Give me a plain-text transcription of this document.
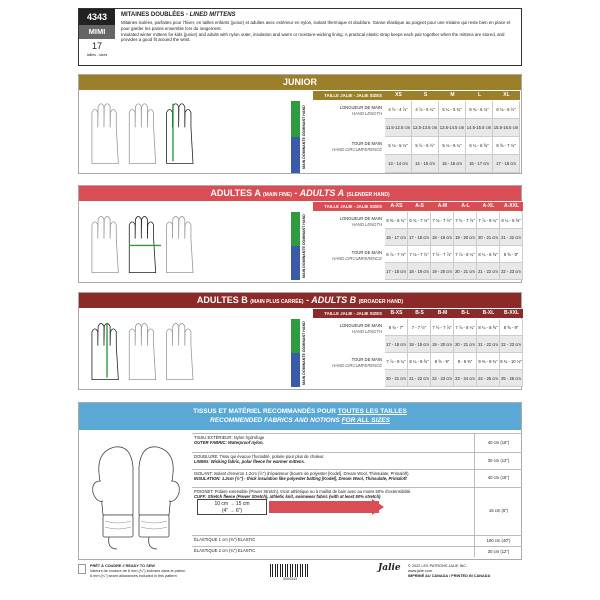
4343
MIMI
17
tailles - sizes
MITAINES DOUBLÉES - LINED MITTENS
Mitaines isolées, parfaites pour l’hiver, en tailles enfants (junior) et adultes avec extérieur en nylon, isolant thermique et doublure. Ganse élastique au poignet pour une mitaine qui reste bien en place et pour garder les paires ensemble lors du rangement.
Insulated winter mittens for kids (junior) and adults with nylon outer, insulation and warm or moisture-wicking lining. A practical elastic strap keeps each pair together when the mittens are stored, and provides a good fit around the wrist.
JUNIOR
TAILLE JALIE - JALIE SIZES	XS	S	M	L	XL
MAIN DOMINANTE DOMINANT HAND	LONGUEUR DE MAIN
HAND LENGTH
TOUR DE MAIN
HAND CIRCUMFERENCE
4 ½ - 4 ⅞"	4 ⅞ - 5 ¼"	5 ¼ - 5 ¾"	5 ¾ - 6 ⅛"	6 ⅛ - 6 ½"
11.5-12.5 cm 12.5-13.5 cm 13.5-14.5 cm 14.5-15.5 cm 15.5-16.5 cm
5 ⅛ - 5 ⅛"	5 ½ - 5 ½"	5 ⅛ - 6 ¼"	6 ¼ - 6 ⅝"	6 ⅝ - 7 ⅛"
13 - 14 cm	14 - 15 cm	15 - 16 cm	16 - 17 cm	17 - 18 cm
ADULTES A (MAIN FINE) - ADULTS A (SLENDER HAND)
TAILLE JALIE - JALIE SIZES	A-XS	A-S	A-M	A-L	A-XL	A-XXL
MAIN DOMINANTE DOMINANT HAND	LONGUEUR DE MAIN
HAND LENGTH
TOUR DE MAIN
HAND CIRCUMFERENCE
6 ⅜ - 6 ¾" 6 ¾ - 7 ⅛" 7 ⅛ - 7 ½" 7 ½ - 7 ⅞" 7 ⅞ - 8 ¼" 8 ¼ - 8 ⅝"
16 - 17 cm 17 - 18 cm 18 - 19 cm 19 - 20 cm 20 - 21 cm 21 - 22 cm
6 ⅞ - 7 ⅛" 7 ⅛ - 7 ½" 7 ½ - 7 ⅞" 7 ⅞ - 8 ¼" 8 ¼ - 8 ⅝"	8 ⅝ - 9"
17 - 18 cm 18 - 19 cm 19 - 20 cm 20 - 21 cm 21 - 22 cm 22 - 23 cm
ADULTES B (MAIN PLUS CARRÉE) - ADULTS B (BROADER HAND)
TAILLE JALIE - JALIE SIZES	B-XS	B-S	B-M	B-L	B-XL	B-XXL
MAIN DOMINANTE DOMINANT HAND	LONGUEUR DE MAIN
HAND LENGTH
TOUR DE MAIN
HAND CIRCUMFERENCE
6 ¾ - 7"	7 - 7 ½"	7 ½ - 7 ⅞" 7 ⅞ - 8 ¼" 8 ¼ - 8 ⅝"	8 ⅝ - 9"
17 - 18 cm 18 - 19 cm 19 - 20 cm 20 - 21 cm 21 - 22 cm 22 - 23 cm
7 ⅞ - 8 ¼" 8 ¼ - 8 ⅝"	8 ⅝ - 9"	9 - 9 ⅜"	9 ⅜ - 9 ¾" 9 ¾ - 10 ⅛"
20 - 21 cm 21 - 22 cm 22 - 23 cm 23 - 24 cm 24 - 25 cm 25 - 26 cm
TISSUS ET MATÉRIEL RECOMMANDÉS POUR TOUTES LES TAILLES
RECOMMENDED FABRICS AND NOTIONS FOR ALL SIZES
TISSU EXTÉRIEUR: Nylon hydrofuge
OUTER FABRIC: Waterproof nylon.	40 cm (16")
DOUBLURE: Tissu qui évacue l’humidité, polaire pour plus de chaleur.
LINING: Wicking fabric, polar fleece for warmer mittens.	30 cm (12")
ISOLANT: Isolant d’environ 1.2cm (½") d’épaisseur (bourre de polyester [Kodel], Dream Wool, Thinsulate, Primaloft)
INSULATION: 1.2cm (½") - thick insulation like polyester batting [Kodel], Dream Wool, Thinsulate, Primaloft	40 cm (16")
POIGNET: Polaire extensible (Power Stretch), tricot athlétique ou à maillot de bain avec au moins 50% d’extensibilité.
CUFF: Stretch fleece (Power Stretch), athletic knit, swimwear fabric (with at least 50% stretch)
15 cm (6")
ÉLASTIQUE 1 cm (⅜") ELASTIC	100 cm (40")
ÉLASTIQUE 2 cm (¾") ELASTIC	30 cm (12")
10 cm → 15 cm
(4" → 6")
PRÊT À COUDRE // READY TO SEW
Valeurs de couture de 6 mm (¼") incluses dans le patron
6 mm (¼") seam allowances included in this pattern
0004343
Jalie © 2022 LES PATRONS JALIE INC.
www.jalie.com
IMPRIMÉ AU CANADA / PRINTED IN CANADA
